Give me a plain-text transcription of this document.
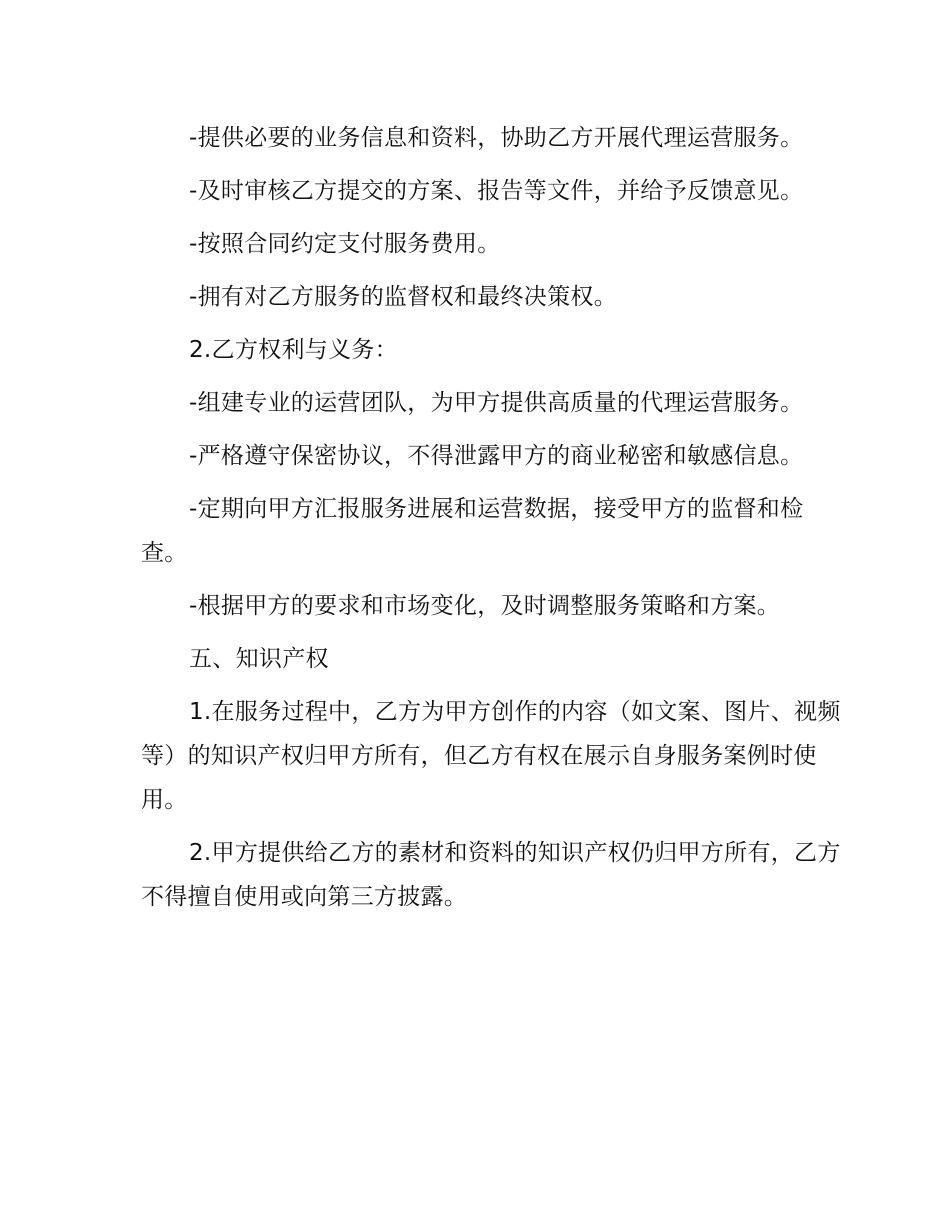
-提供必要的业务信息和资料，协助乙方开展代理运营服务。

-及时审核乙方提交的方案、报告等文件，并给予反馈意见。

-按照合同约定支付服务费用。

-拥有对乙方服务的监督权和最终决策权。

2.乙方权利与义务：

-组建专业的运营团队，为甲方提供高质量的代理运营服务。

-严格遵守保密协议，不得泄露甲方的商业秘密和敏感信息。

-定期向甲方汇报服务进展和运营数据，接受甲方的监督和检查。

-根据甲方的要求和市场变化，及时调整服务策略和方案。

五、知识产权

1.在服务过程中，乙方为甲方创作的内容（如文案、图片、视频等）的知识产权归甲方所有，但乙方有权在展示自身服务案例时使用。

2.甲方提供给乙方的素材和资料的知识产权仍归甲方所有，乙方不得擅自使用或向第三方披露。
